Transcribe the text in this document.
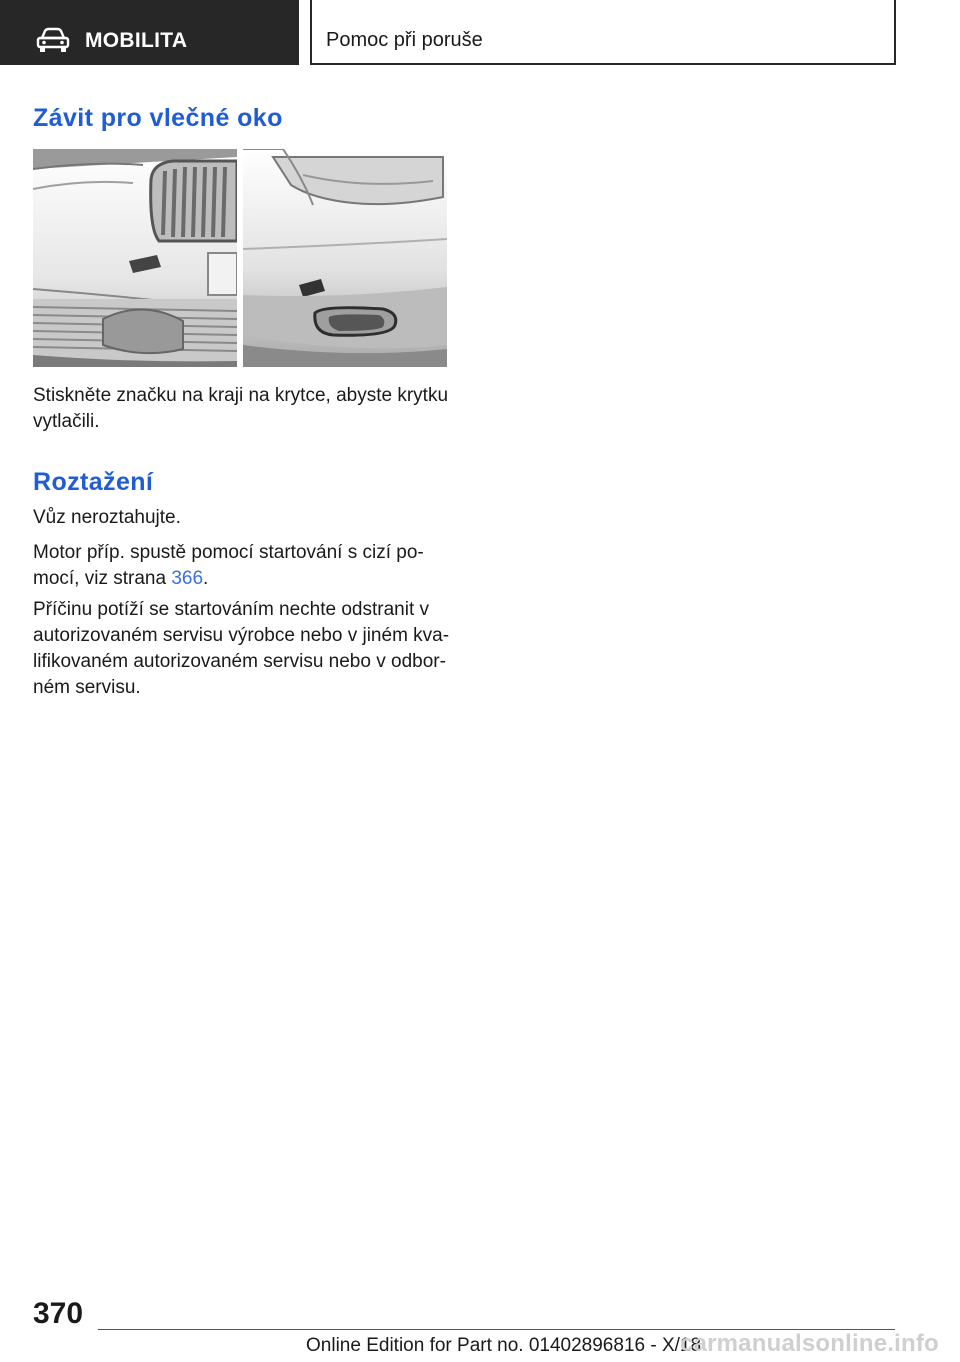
MOBILITA	Pomoc při poruše
Závit pro vlečné oko
Stiskněte značku na kraji na krytce, abyste krytku
vytlačili.
Roztažení
Vůz neroztahujte.
Motor příp. spustě pomocí startování s cizí po-
mocí, viz strana 366.
Příčinu potíží se startováním nechte odstranit v
autorizovaném servisu výrobce nebo v jiném kva-
lifikovaném autorizovaném servisu nebo v odbor-
ném servisu.
370
Online Edition for Part no. 01402896816 - X/18
carmanualsonline.info
